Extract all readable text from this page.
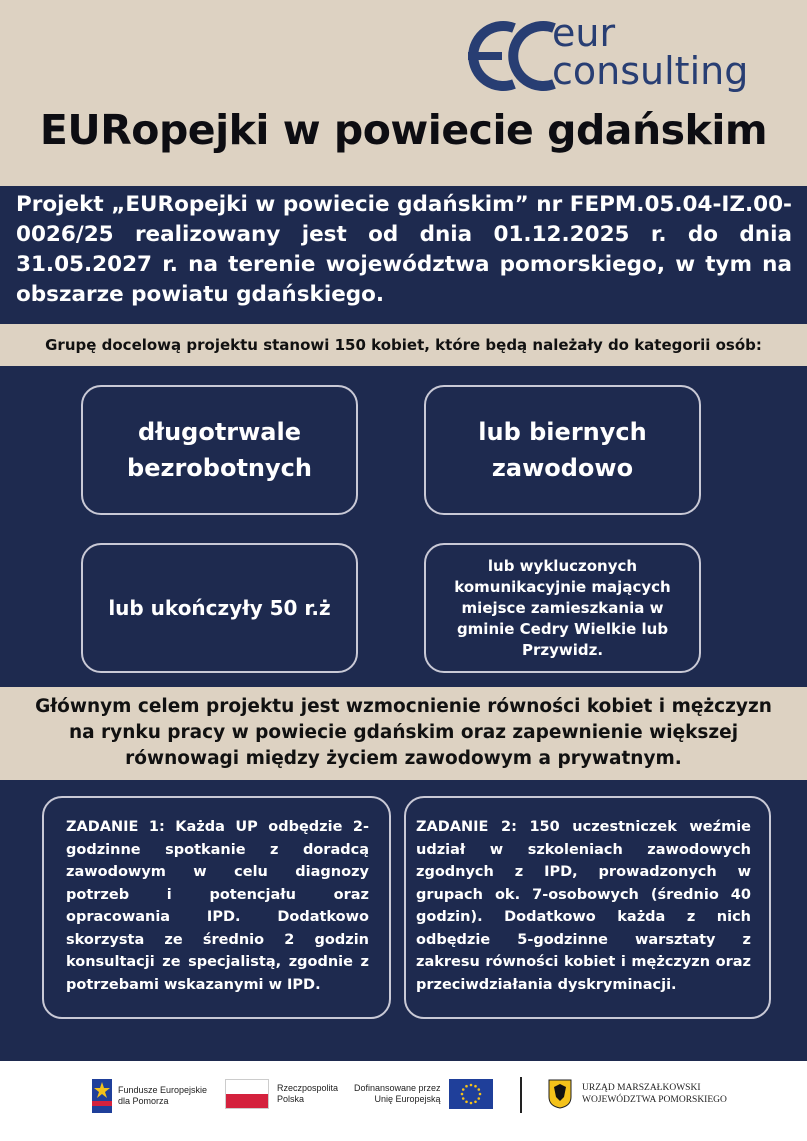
eur
consulting
EURopejki w powiecie gdańskim
Projekt „EURopejki w powiecie gdańskim” nr FEPM.05.04-IZ.00-0026/25 realizowany jest od dnia 01.12.2025 r. do dnia 31.05.2027 r. na terenie województwa pomorskiego, w tym na obszarze powiatu gdańskiego.
Grupę docelową projektu stanowi 150 kobiet, które będą należały do kategorii osób:
długotrwale
bezrobotnych
lub biernych
zawodowo
lub ukończyły 50 r.ż
lub wykluczonych komunikacyjnie mających miejsce zamieszkania w gminie Cedry Wielkie lub Przywidz.
Głównym celem projektu jest wzmocnienie równości kobiet i mężczyzn na rynku pracy w powiecie gdańskim oraz zapewnienie większej równowagi między życiem zawodowym a prywatnym.
ZADANIE 1: Każda UP odbędzie 2-godzinne spotkanie z doradcą zawodowym w celu diagnozy potrzeb i potencjału oraz opracowania IPD. Dodatkowo skorzysta ze średnio 2 godzin konsultacji ze specjalistą, zgodnie z potrzebami wskazanymi w IPD.
ZADANIE 2: 150 uczestniczek weźmie udział w szkoleniach zawodowych zgodnych z IPD, prowadzonych w grupach ok. 7-osobowych (średnio 40 godzin). Dodatkowo każda z nich odbędzie 5-godzinne warsztaty z zakresu równości kobiet i mężczyzn oraz przeciwdziałania dyskryminacji.
Fundusze Europejskie
dla Pomorza
Rzeczpospolita
Polska
Dofinansowane przez
Unię Europejską
URZĄD MARSZAŁKOWSKI
WOJEWÓDZTWA POMORSKIEGO
